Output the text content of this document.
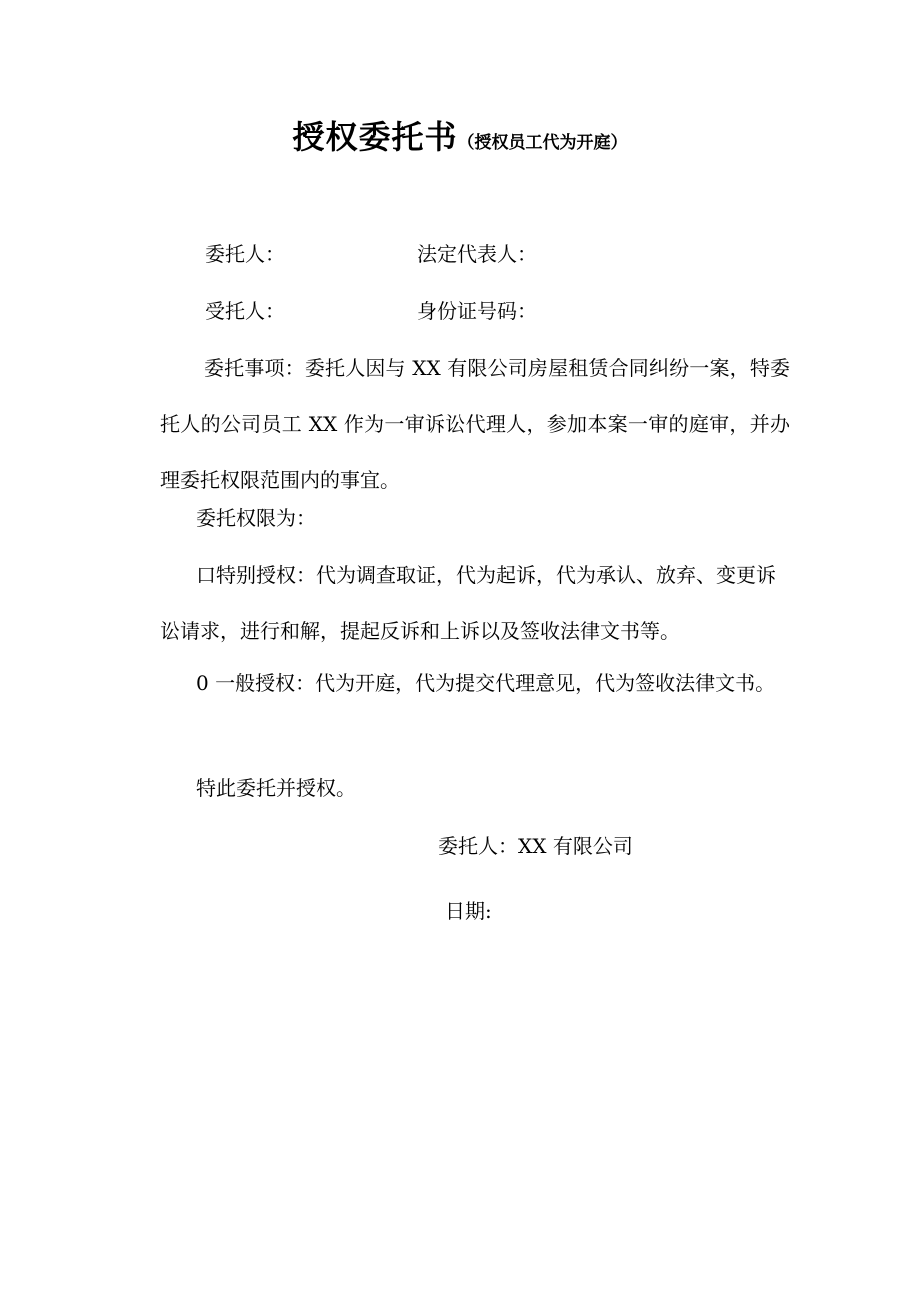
授权委托书（授权员工代为开庭）
委托人：	法定代表人：
受托人：	身份证号码：
委托事项：委托人因与 XX 有限公司房屋租赁合同纠纷一案，特委托人的公司员工 XX 作为一审诉讼代理人，参加本案一审的庭审，并办理委托权限范围内的事宜。
委托权限为：
口特别授权：代为调查取证，代为起诉，代为承认、放弃、变更诉讼请求，进行和解，提起反诉和上诉以及签收法律文书等。
0 一般授权：代为开庭，代为提交代理意见，代为签收法律文书。
特此委托并授权。
委托人：XX 有限公司
日期:
